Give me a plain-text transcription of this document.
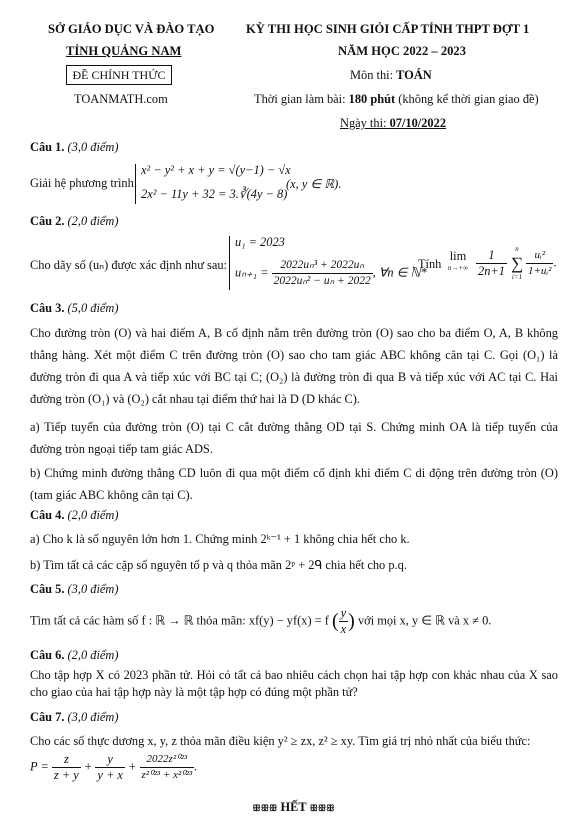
SỞ GIÁO DỤC VÀ ĐÀO TẠO
TỈNH QUẢNG NAM
ĐỀ CHÍNH THỨC
TOANMATH.com
KỲ THI HỌC SINH GIỎI CẤP TỈNH THPT ĐỢT 1
NĂM HỌC 2022 – 2023
Môn thi: TOÁN
Thời gian làm bài: 180 phút (không kể thời gian giao đề)
Ngày thi: 07/10/2022
Câu 1. (3,0 điểm)
Giải hệ phương trình:
x² − y² + x + y = √(y−1) − √x
2x² − 11y + 32 = 3.∛(4y − 8)
(x, y ∈ ℝ).
Câu 2. (2,0 điểm)
Cho dãy số (uₙ) được xác định như sau:
u₁ = 2023
$u_{n+1} = \frac{\text{2022uₙ³ + 2022uₙ}}{\text{2022uₙ² − uₙ + 2022}}$ , ∀n ∈ ℕ*
. Tính
lim
$n\to+\infty \frac{1}{2n+1}$	n
∑
$i=1 \frac{\text{uᵢ²}}{\text{1+uᵢ²}}$ .
Câu 3. (5,0 điểm)
Cho đường tròn (O) và hai điểm A, B cố định nằm trên đường tròn (O) sao cho ba điểm O, A, B không thẳng hàng. Xét một điểm C trên đường tròn (O) sao cho tam giác ABC không cân tại C. Gọi (O₁) là đường tròn đi qua A và tiếp xúc với BC tại C; (O₂) là đường tròn đi qua B và tiếp xúc với AC tại C. Hai đường tròn (O₁) và (O₂) cắt nhau tại điểm thứ hai là D (D khác C).
a) Tiếp tuyến của đường tròn (O) tại C cắt đường thẳng OD tại S. Chứng minh OA là tiếp tuyến của đường tròn ngoại tiếp tam giác ADS.
b) Chứng minh đường thẳng CD luôn đi qua một điểm cố định khi điểm C di động trên đường tròn (O) (tam giác ABC không cân tại C).
Câu 4. (2,0 điểm)
a) Cho k là số nguyên lớn hơn 1. Chứng minh 2ᵏ⁻¹ + 1 không chia hết cho k.
b) Tìm tất cả các cặp số nguyên tố p và q thỏa mãn 2ᵖ + 2ᑫ chia hết cho p.q.
Câu 5. (3,0 điểm)
Tìm tất cả các hàm số f : ℝ → ℝ thỏa mãn: xf(y) − yf(x) = f ( $\frac{y}{x}$ ) với mọi x, y ∈ ℝ và x ≠ 0.
Câu 6. (2,0 điểm)
Cho tập hợp X có 2023 phần tử. Hỏi có tất cả bao nhiêu cách chọn hai tập hợp con khác nhau của X sao cho giao của hai tập hợp này là một tập hợp có đúng một phần tử?
Câu 7. (3,0 điểm)
Cho các số thực dương x, y, z thỏa mãn điều kiện y² ≥ zx, z² ≥ xy. Tìm giá trị nhỏ nhất của biểu thức:
$P = \frac{z}{z + y} + \frac{y}{y + x} + \frac{\text{2022z²⁰²³}}{\text{z²⁰²³ + x²⁰²³}}$ .
ꕥꕥꕥ HẾT ꕥꕥꕥ
